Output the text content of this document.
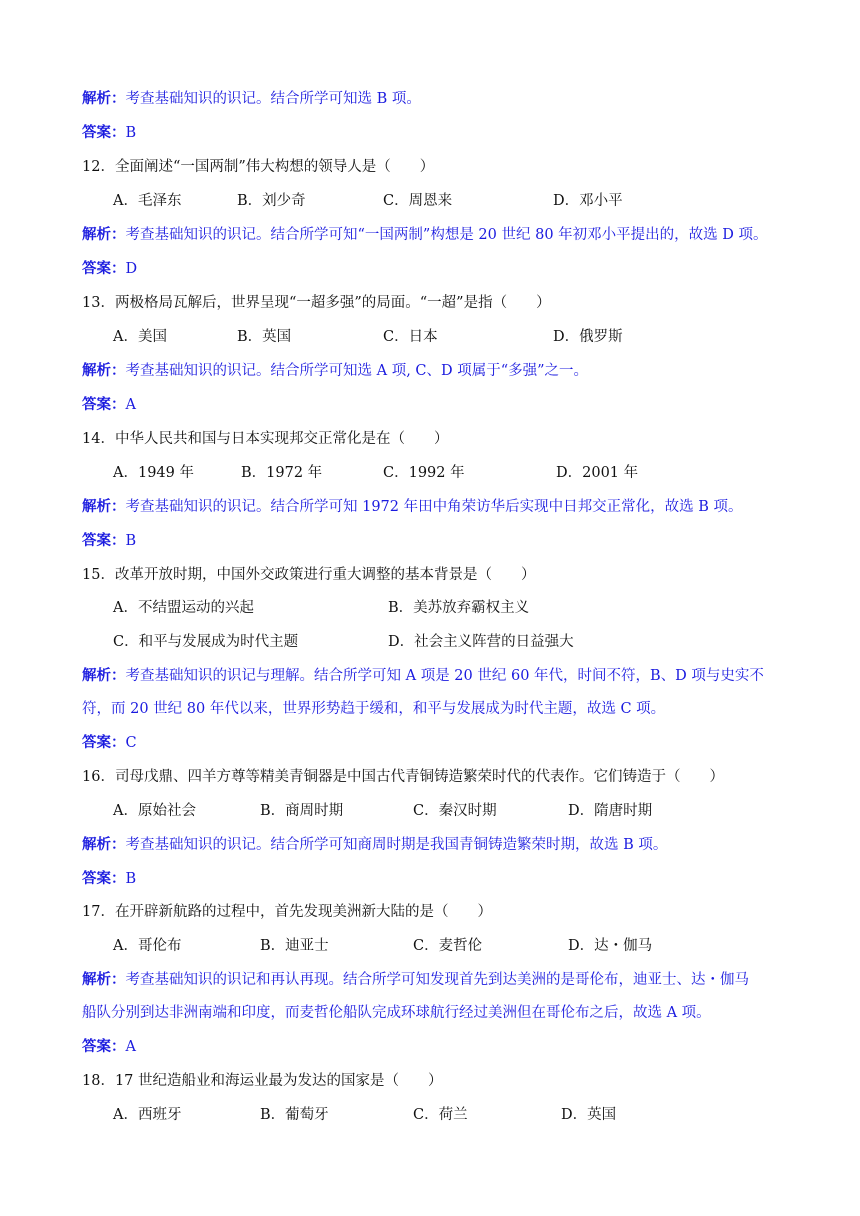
解析：考查基础知识的识记。结合所学可知选 B 项。
答案：B
12．全面阐述“一国两制”伟大构想的领导人是（　　）
A．毛泽东	B．刘少奇	C．周恩来	D．邓小平
解析：考查基础知识的识记。结合所学可知“一国两制”构想是 20 世纪 80 年初邓小平提出的，故选 D 项。
答案：D
13．两极格局瓦解后，世界呈现“一超多强”的局面。“一超”是指（　　）
A．美国	B．英国	C．日本	D．俄罗斯
解析：考查基础知识的识记。结合所学可知选 A 项, C、D 项属于“多强”之一。
答案：A
14．中华人民共和国与日本实现邦交正常化是在（　　）
A．1949 年	B．1972 年	C．1992 年	D．2001 年
解析：考查基础知识的识记。结合所学可知 1972 年田中角荣访华后实现中日邦交正常化，故选 B 项。
答案：B
15．改革开放时期，中国外交政策进行重大调整的基本背景是（　　）
A．不结盟运动的兴起	B．美苏放弃霸权主义
C．和平与发展成为时代主题	D．社会主义阵营的日益强大
解析：考查基础知识的识记与理解。结合所学可知 A 项是 20 世纪 60 年代，时间不符，B、D 项与史实不
符，而 20 世纪 80 年代以来，世界形势趋于缓和，和平与发展成为时代主题，故选 C 项。
答案：C
16．司母戊鼎、四羊方尊等精美青铜器是中国古代青铜铸造繁荣时代的代表作。它们铸造于（　　）
A．原始社会	B．商周时期	C．秦汉时期	D．隋唐时期
解析：考查基础知识的识记。结合所学可知商周时期是我国青铜铸造繁荣时期，故选 B 项。
答案：B
17．在开辟新航路的过程中，首先发现美洲新大陆的是（　　）
A．哥伦布	B．迪亚士	C．麦哲伦	D．达・伽马
解析：考查基础知识的识记和再认再现。结合所学可知发现首先到达美洲的是哥伦布，迪亚士、达・伽马
船队分别到达非洲南端和印度，而麦哲伦船队完成环球航行经过美洲但在哥伦布之后，故选 A 项。
答案：A
18．17 世纪造船业和海运业最为发达的国家是（　　）
A．西班牙	B．葡萄牙	C．荷兰	D．英国
